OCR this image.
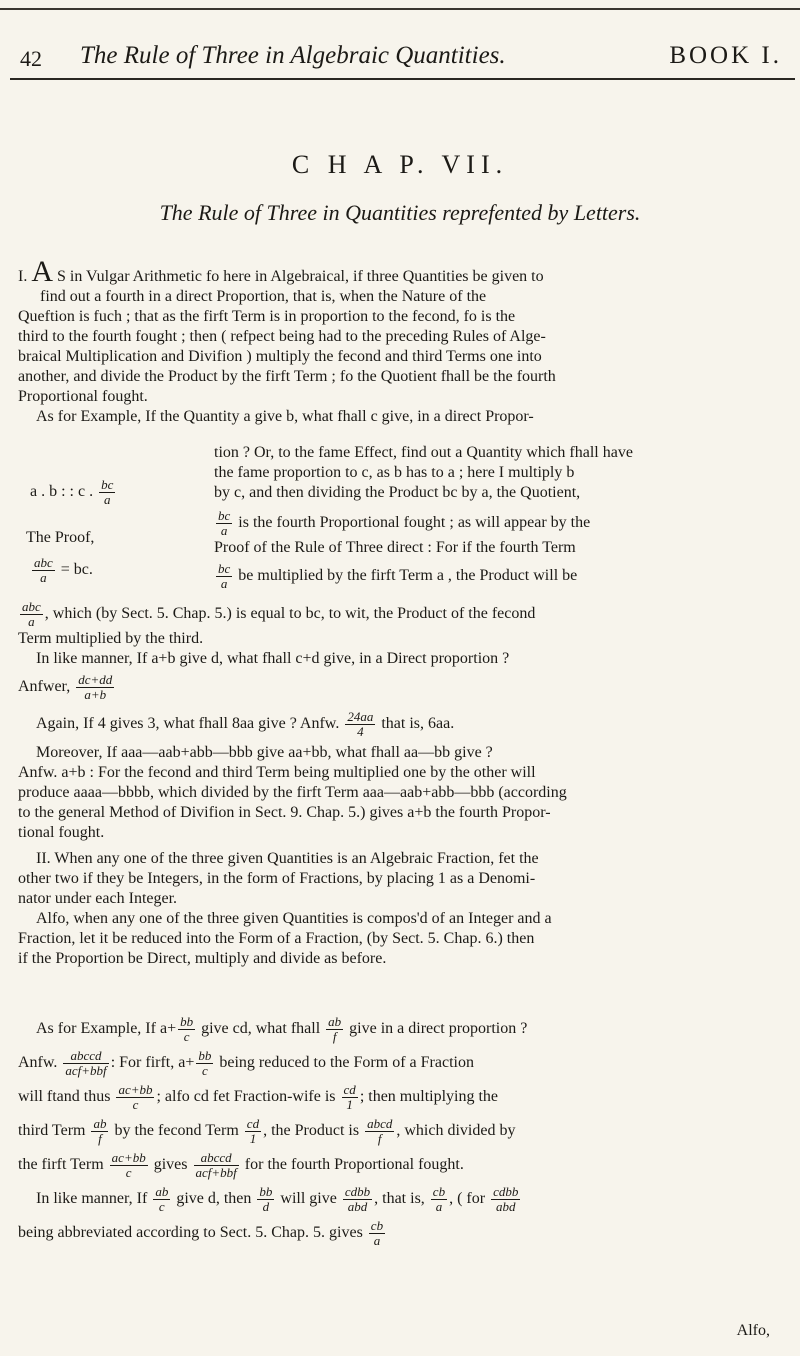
42 The Rule of Three in Algebraic Quantities.	BOOK I.
C H A P. VII.
The Rule of Three in Quantities reprefented by Letters.
I. A S in Vulgar Arithmetic fo here in Algebraical, if three Quantities be given to
find out a fourth in a direct Proportion, that is, when the Nature of the
Queftion is fuch ; that as the firft Term is in proportion to the fecond, fo is the
third to the fourth fought ; then ( refpect being had to the preceding Rules of Alge-
braical Multiplication and Divifion ) multiply the fecond and third Terms one into
another, and divide the Product by the firft Term ; fo the Quotient fhall be the fourth
Proportional fought.
As for Example, If the Quantity a give b, what fhall c give, in a direct Propor-
tion ? Or, to the fame Effect, find out a Quantity which fhall have
the fame proportion to c, as b has to a ; here I multiply b
by c, and then dividing the Product bc by a, the Quotient,
$\frac{bc}{a}$ is the fourth Proportional fought ; as will appear by the
Proof of the Rule of Three direct : For if the fourth Term
$\frac{bc}{a}$ be multiplied by the firft Term a , the Product will be
a . b : : c . $\frac{bc}{a}$
The Proof,
$\frac{\text{abc}}{a}$ = bc.
$\frac{\text{abc}}{a}$ , which (by Sect. 5. Chap. 5.) is equal to bc, to wit, the Product of the fecond
Term multiplied by the third.
In like manner, If a+b give d, what fhall c+d give, in a Direct proportion ?
Anfwer, $\frac{dc+dd}{a+b}$
Again, If 4 gives 3, what fhall 8aa give ? Anfw. $\frac{24aa}{4}$ that is, 6aa.
Moreover, If aaa—aab+abb—bbb give aa+bb, what fhall aa—bb give ?
Anfw. a+b : For the fecond and third Term being multiplied one by the other will
produce aaaa—bbbb, which divided by the firft Term aaa—aab+abb—bbb (according
to the general Method of Divifion in Sect. 9. Chap. 5.) gives a+b the fourth Propor-
tional fought.
II. When any one of the three given Quantities is an Algebraic Fraction, fet the
other two if they be Integers, in the form of Fractions, by placing 1 as a Denomi-
nator under each Integer.
Alfo, when any one of the three given Quantities is compos'd of an Integer and a
Fraction, let it be reduced into the Form of a Fraction, (by Sect. 5. Chap. 6.) then
if the Proportion be Direct, multiply and divide as before.
As for Example, If $a+ \frac{bb}{c}$ give cd, what fhall $\frac{ab}{f}$ give in a direct proportion ?
Anfw. $\frac{\text{abccd}}{\text{acf+bbf}}$ : For firft, $a+ \frac{bb}{c}$ being reduced to the Form of a Fraction
will ftand thus $\frac{ac+bb}{c}$ ; alfo cd fet Fraction-wife is $\frac{cd}{1}$ ; then multiplying the
third Term $\frac{ab}{f}$ by the fecond Term $\frac{cd}{1}$ , the Product is $\frac{\text{abcd}}{f}$ , which divided by
the firft Term $\frac{ac+bb}{c}$ gives $\frac{\text{abccd}}{\text{acf+bbf}}$ for the fourth Proportional fought.
In like manner, If $\frac{ab}{c}$ give d, then $\frac{bb}{d}$ will give $\frac{\text{cdbb}}{\text{abd}}$ , that is, $\frac{cb}{a}$ , ( for $\frac{\text{cdbb}}{\text{abd}}$
being abbreviated according to Sect. 5. Chap. 5. gives $\frac{cb}{a}$
Alfo,
